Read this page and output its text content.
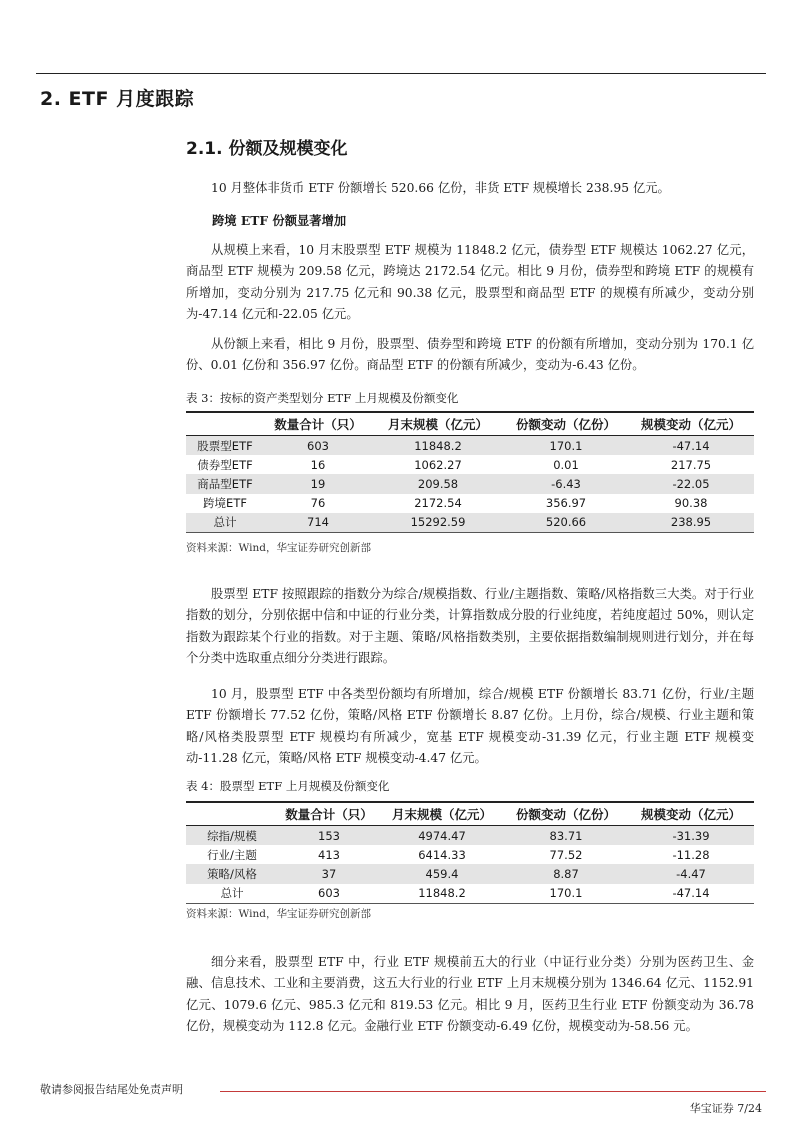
2. ETF 月度跟踪
2.1. 份额及规模变化

10 月整体非货币 ETF 份额增长 520.66 亿份，非货 ETF 规模增长 238.95 亿元。

跨境 ETF 份额显著增加

从规模上来看，10 月末股票型 ETF 规模为 11848.2 亿元，债券型 ETF 规模达 1062.27 亿元，商品型 ETF 规模为 209.58 亿元，跨境达 2172.54 亿元。相比 9 月份，债券型和跨境 ETF 的规模有所增加，变动分别为 217.75 亿元和 90.38 亿元，股票型和商品型 ETF 的规模有所减少，变动分别为-47.14 亿元和-22.05 亿元。

从份额上来看，相比 9 月份，股票型、债券型和跨境 ETF 的份额有所增加，变动分别为 170.1 亿份、0.01 亿份和 356.97 亿份。商品型 ETF 的份额有所减少，变动为-6.43 亿份。

表 3：按标的资产类型划分 ETF 上月规模及份额变化
	数量合计（只）	月末规模（亿元）	份额变动（亿份）	规模变动（亿元）
股票型ETF	603	11848.2	170.1	-47.14
债券型ETF	16	1062.27	0.01	217.75
商品型ETF	19	209.58	-6.43	-22.05
跨境ETF	76	2172.54	356.97	90.38
总计	714	15292.59	520.66	238.95
资料来源：Wind，华宝证券研究创新部

股票型 ETF 按照跟踪的指数分为综合/规模指数、行业/主题指数、策略/风格指数三大类。对于行业指数的划分，分别依据中信和中证的行业分类，计算指数成分股的行业纯度，若纯度超过 50%，则认定指数为跟踪某个行业的指数。对于主题、策略/风格指数类别，主要依据指数编制规则进行划分，并在每个分类中选取重点细分分类进行跟踪。

10 月，股票型 ETF 中各类型份额均有所增加，综合/规模 ETF 份额增长 83.71 亿份，行业/主题 ETF 份额增长 77.52 亿份，策略/风格 ETF 份额增长 8.87 亿份。上月份，综合/规模、行业主题和策略/风格类股票型 ETF 规模均有所减少，宽基 ETF 规模变动-31.39 亿元，行业主题 ETF 规模变动-11.28 亿元，策略/风格 ETF 规模变动-4.47 亿元。

表 4：股票型 ETF 上月规模及份额变化
	数量合计（只）	月末规模（亿元）	份额变动（亿份）	规模变动（亿元）
综指/规模	153	4974.47	83.71	-31.39
行业/主题	413	6414.33	77.52	-11.28
策略/风格	37	459.4	8.87	-4.47
总计	603	11848.2	170.1	-47.14
资料来源：Wind，华宝证券研究创新部

细分来看，股票型 ETF 中，行业 ETF 规模前五大的行业（中证行业分类）分别为医药卫生、金融、信息技术、工业和主要消费，这五大行业的行业 ETF 上月末规模分别为 1346.64 亿元、1152.91 亿元、1079.6 亿元、985.3 亿元和 819.53 亿元。相比 9 月，医药卫生行业 ETF 份额变动为 36.78 亿份，规模变动为 112.8 亿元。金融行业 ETF 份额变动-6.49 亿份，规模变动为-58.56 元。

敬请参阅报告结尾处免责声明
华宝证券 7/24
